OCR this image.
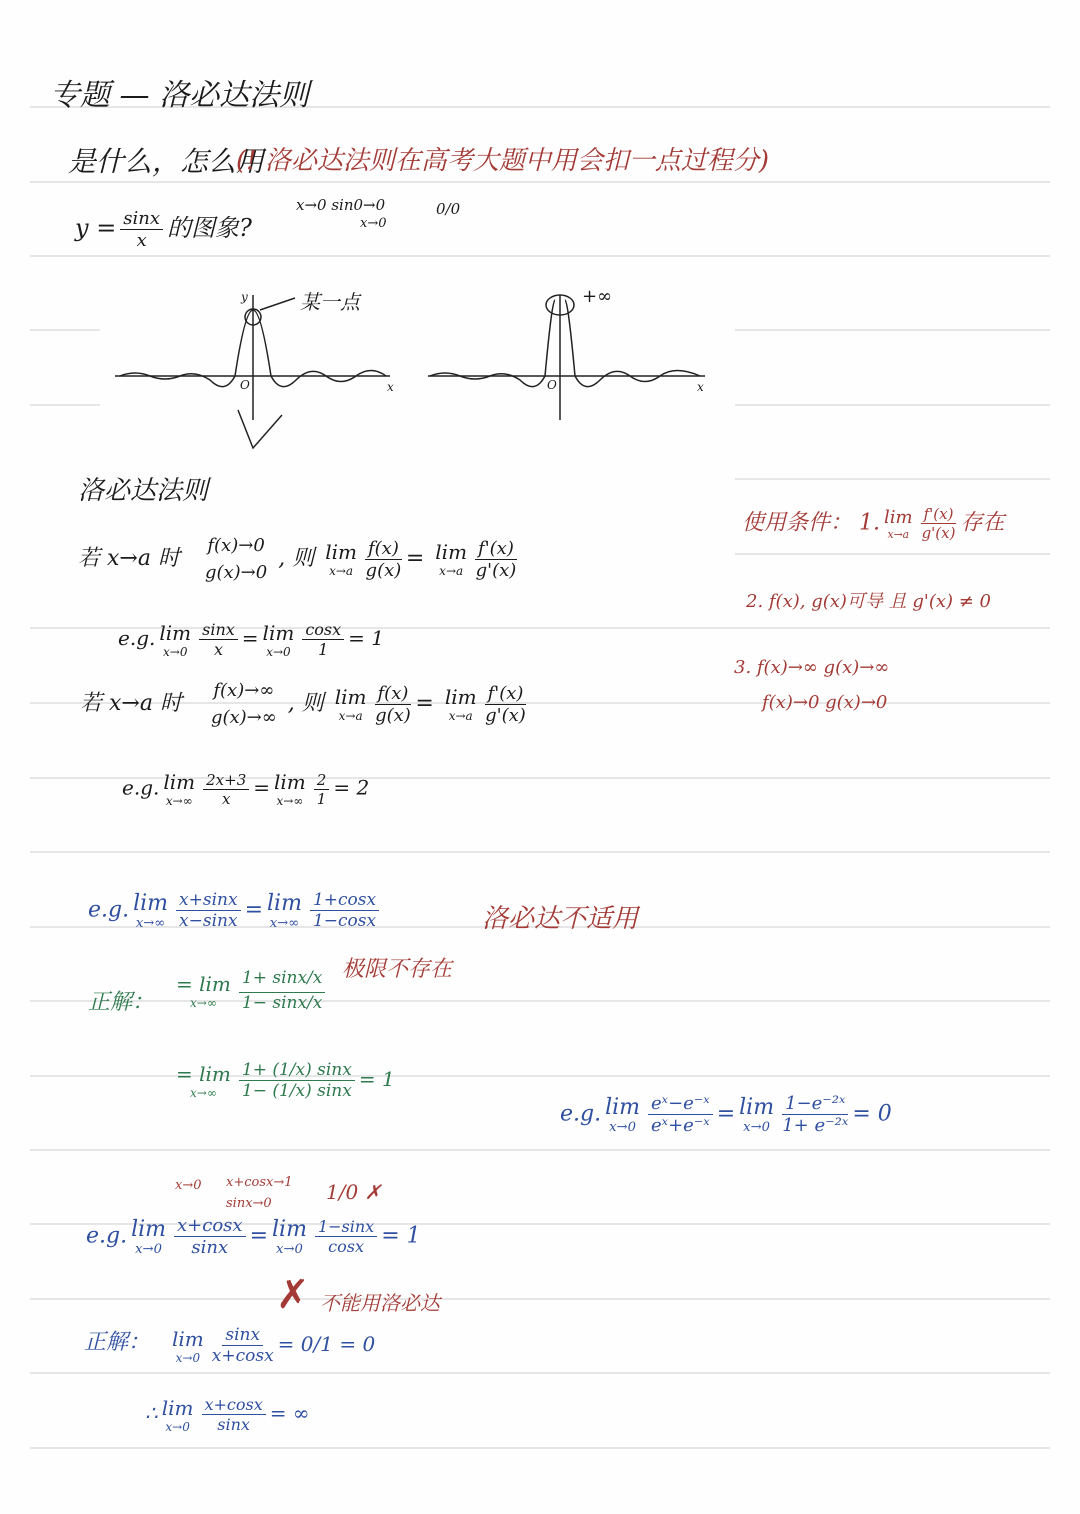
专题 — 洛必达法则
是什么，怎么用
(! 洛必达法则在高考大题中用会扣一点过程分)
$y = \frac{\sin x}{x}$ 的图象?
x→0 sin0→0
x→0
0/0
某一点	+∞
O	O
x	x
y
洛必达法则
若 x→a 时
f(x)→0
g(x)→0
, 则 lim
$x\to a \frac{f(x)}{g(x)} = \lim$
$x\to a \frac{f'(x)}{g'(x)}$
e.g. lim
$x\to 0 \frac{\sin x}{x} = \lim$
$x\to 0 \frac{\cos x}{1} = 1$
若 x→a 时
f(x)→∞
g(x)→∞
, 则 lim
$x\to a \frac{f(x)}{g(x)} = \lim$
$x\to a \frac{f'(x)}{g'(x)}$
e.g. lim
$x\to\infty \frac{2x+3}{x} = \lim$
$x\to\infty \frac{2}{1} = 2$
使用条件： 1. lim
$x\to a \frac{f'(x)}{g'(x)}$ 存在
2. f(x), g(x)可导 且 g'(x) ≠ 0
3. f(x)→∞ g(x)→∞
f(x)→0 g(x)→0
e.g. lim
$x\to\infty \frac{x+\sin x}{x-\sin x} = \lim$
$x\to\infty \frac{1+\cos x}{1-\cos x}$	洛必达不适用
极限不存在
正解：
= lim
$x\to\infty \frac{1+ \sin x/x}{1- \sin x/x}$
= lim
$x\to\infty \frac{1+ (1/x) \sin x}{1- (1/x) \sin x} = 1$
e.g. lim
$x\to 0 \frac{\text{eˣ−e⁻ˣ}}{\text{eˣ+e⁻ˣ}} = \lim$
$x\to 0 \frac{\text{1−e⁻²ˣ}}{\text{1+ e⁻²ˣ}} = 0$
x→0 x+cosx→1
sinx→0	1/0 ✗
e.g. lim
$x\to 0 \frac{x+\cos x}{\sin x} = \lim$
$x\to 0 \frac{1-\sin x}{\cos x} = 1$
✗ 不能用洛必达
正解： lim
$x\to 0 \frac{\sin x}{x+\cos x} = 0/1 = 0$
∴ lim
$x\to 0 \frac{x+\cos x}{\sin x}$ = ∞
